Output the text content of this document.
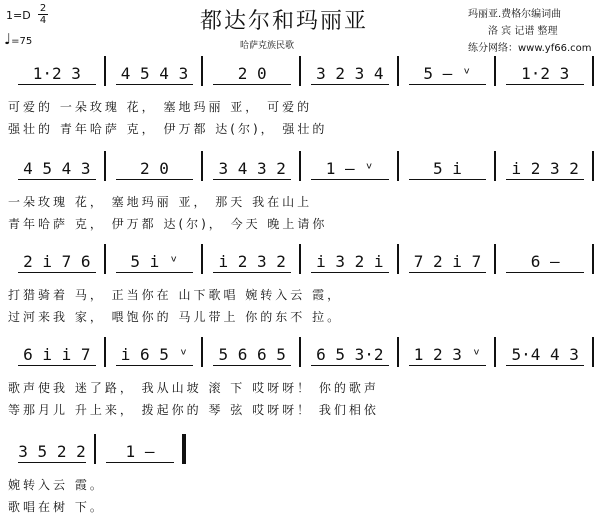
都达尔和玛丽亚
哈萨克族民歌
玛丽亚.费格尔编词曲
洛 宾 记谱 整理
练分网络：www.yf66.com
1=D
2
4
♩=75
1·2 3	4 5 4 3	2 0	3 2 3 4	5 – ᵛ	1·2 3
可爱的 一朵玫瑰 花， 塞地玛丽 亚， 可爱的
强壮的 青年哈萨 克， 伊万都 达(尔)， 强壮的
4 5 4 3	2 0	3 4 3 2	1 – ᵛ	5 i	i 2 3 2
一朵玫瑰 花， 塞地玛丽 亚， 那天 我在山上
青年哈萨 克， 伊万都 达(尔)， 今天 晚上请你
2 i 7 6	5 i ᵛ	i 2 3 2	i 3 2 i	7 2 i 7	6 –
打猎骑着 马， 正当你在 山下歌唱 婉转入云 霞，
过河来我 家， 喂饱你的 马儿带上 你的东不 拉。
6 i i 7	i 6 5 ᵛ	5 6 6 5	6 5 3·2	1 2 3 ᵛ	5·4 4 3
歌声使我 迷了路， 我从山坡 滚 下 哎呀呀！ 你的歌声
等那月儿 升上来， 拨起你的 琴 弦 哎呀呀！ 我们相依
3 5 2 2	1 –
婉转入云 霞。
歌唱在树 下。
